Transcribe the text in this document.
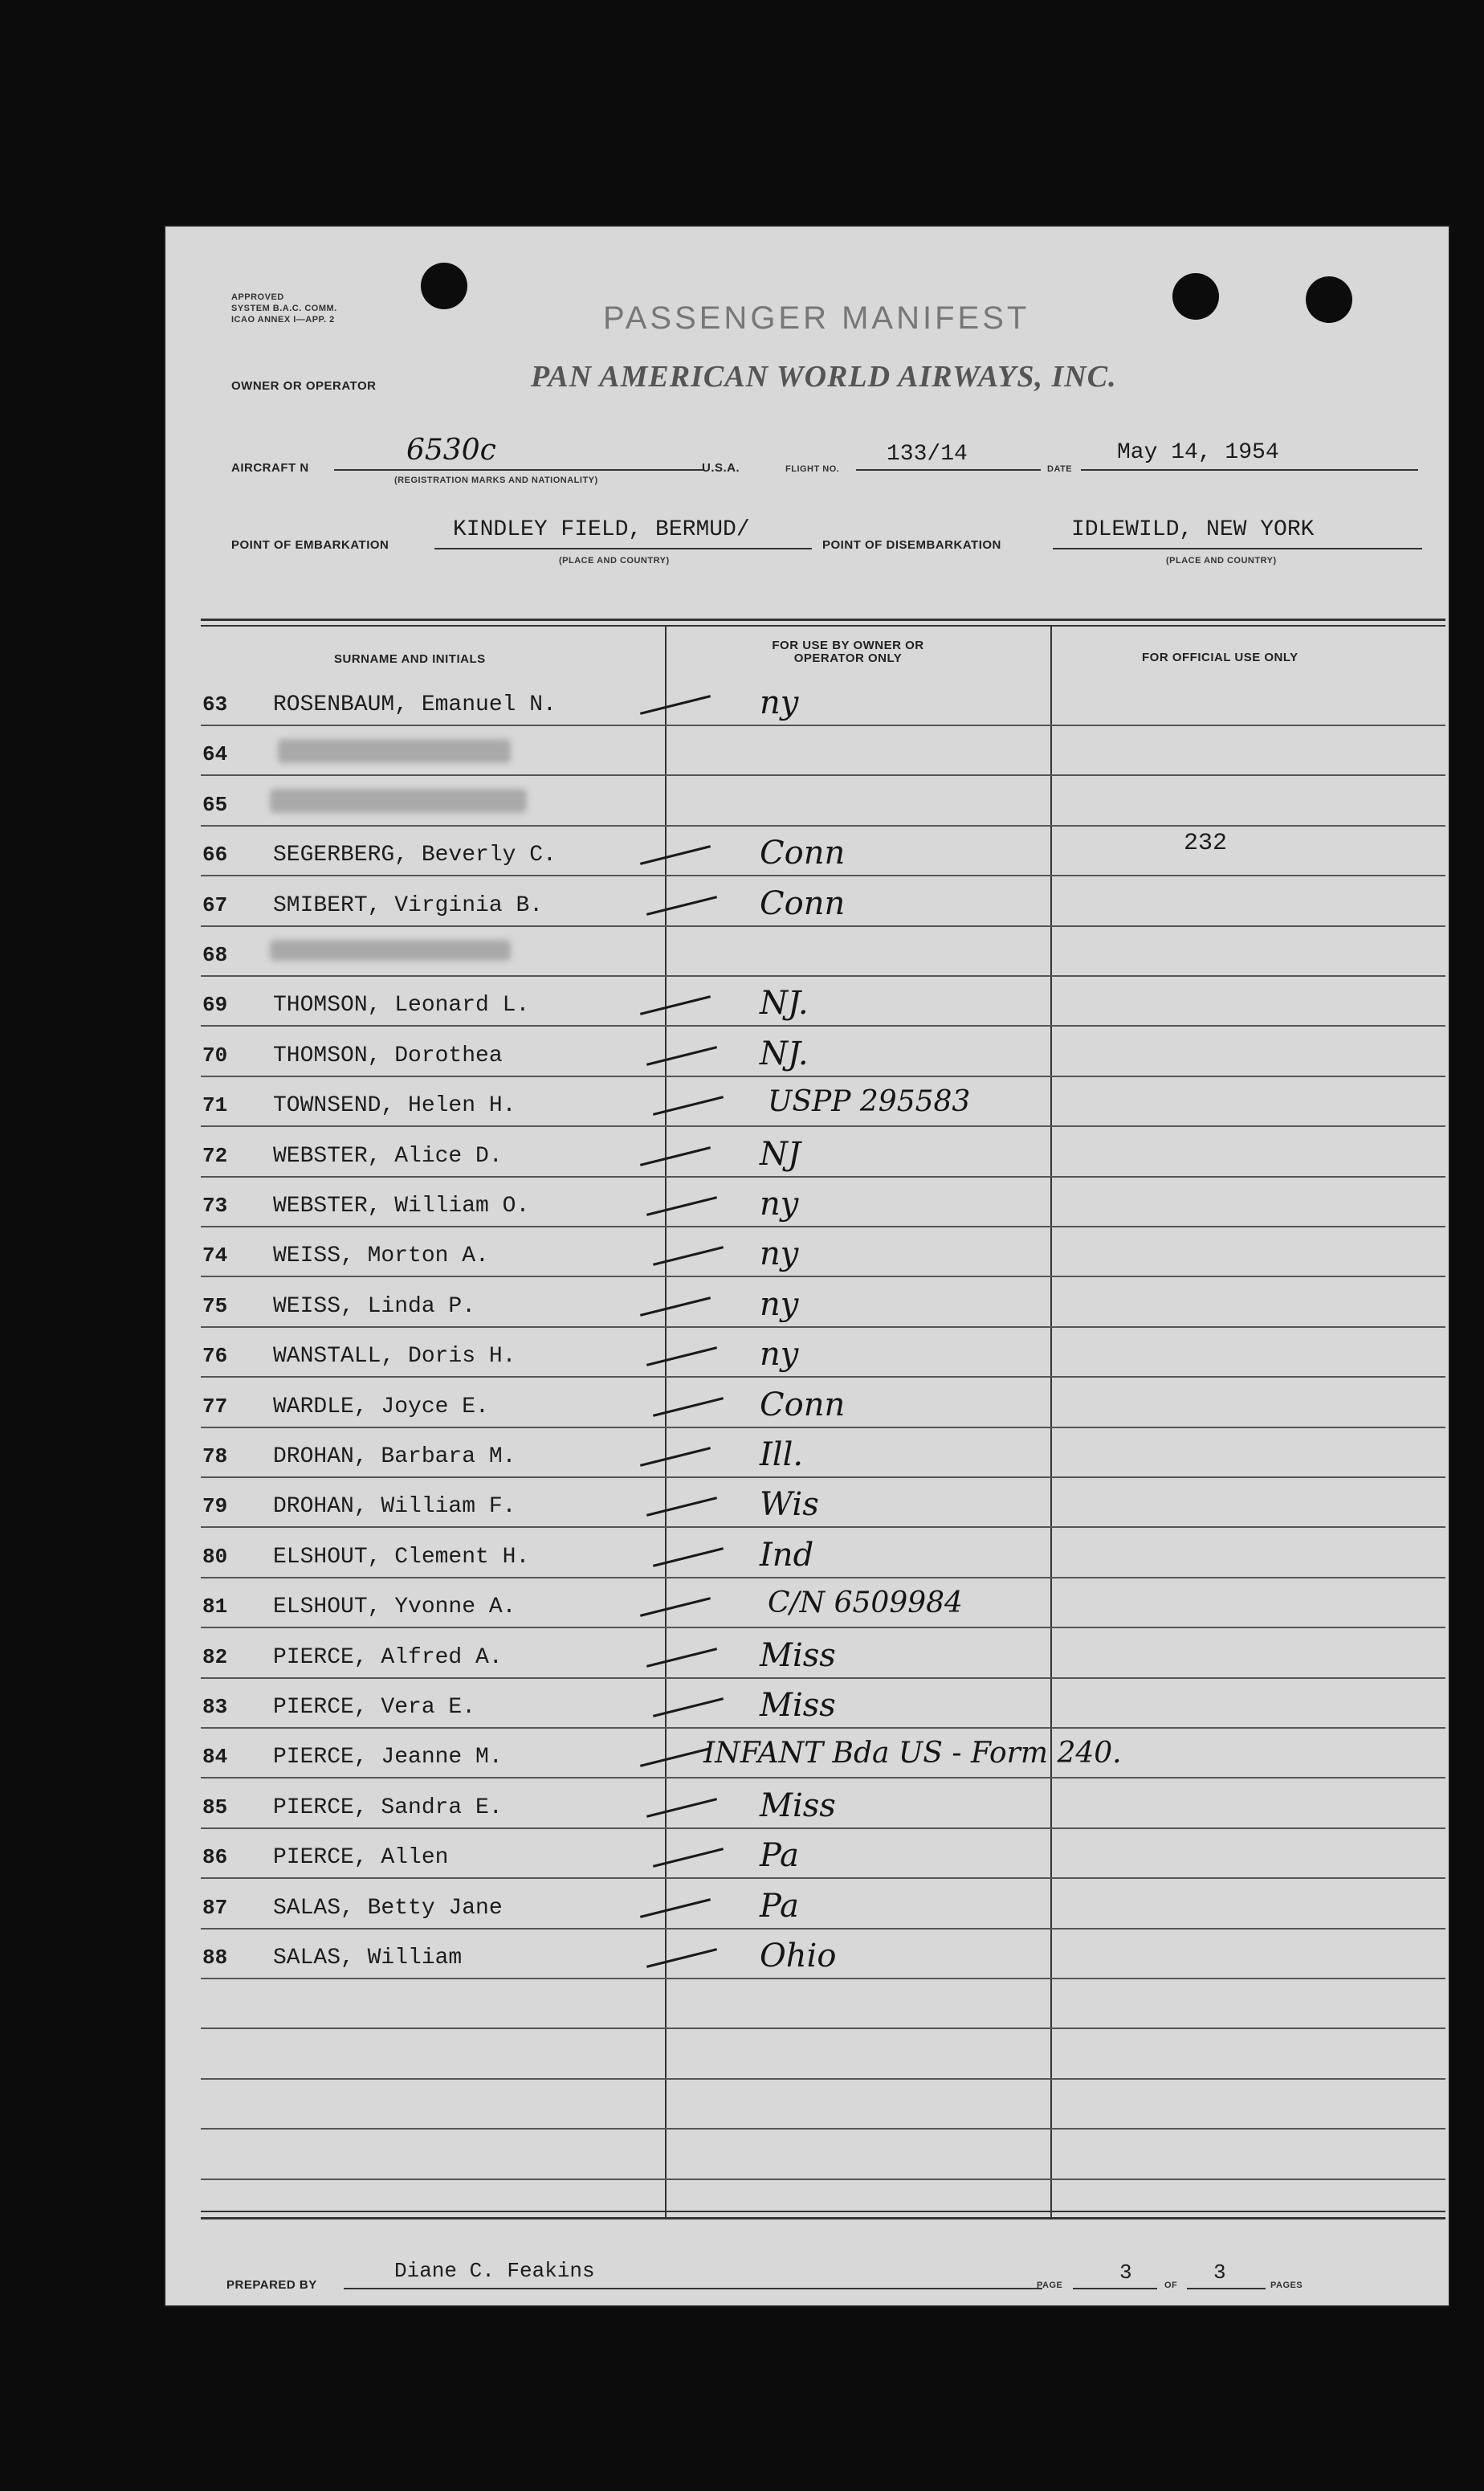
APPROVED
SYSTEM B.A.C. COMM.
ICAO ANNEX I—APP. 2	PASSENGER MANIFEST
OWNER OR OPERATOR	PAN AMERICAN WORLD AIRWAYS, INC.
AIRCRAFT N
6530c
(REGISTRATION MARKS AND NATIONALITY)
U.S.A.	FLIGHT NO.
133/14
DATE
May 14, 1954
POINT OF EMBARKATION
KINDLEY FIELD, BERMUD/
(PLACE AND COUNTRY)
POINT OF DISEMBARKATION
IDLEWILD, NEW YORK
(PLACE AND COUNTRY)
SURNAME AND INITIALS
FOR USE BY OWNER OR OPERATOR ONLY	FOR OFFICIAL USE ONLY
63 ROSENBAUM, Emanuel N.	ny
64
65
66 SEGERBERG, Beverly C.	Conn	232
67 SMIBERT, Virginia B.	Conn
68
69 THOMSON, Leonard L.	NJ.
70 THOMSON, Dorothea	NJ.
71 TOWNSEND, Helen H.	USPP 295583
72 WEBSTER, Alice D.	NJ
73 WEBSTER, William O.	ny
74 WEISS, Morton A.	ny
75 WEISS, Linda P.	ny
76 WANSTALL, Doris H.	ny
77 WARDLE, Joyce E.	Conn
78 DROHAN, Barbara M.	Ill.
79 DROHAN, William F.	Wis
80 ELSHOUT, Clement H.	Ind
81 ELSHOUT, Yvonne A.	C/N 6509984
82 PIERCE, Alfred A.	Miss
83 PIERCE, Vera E.	Miss
84 PIERCE, Jeanne M.	INFANT Bda US - Form 240.
85 PIERCE, Sandra E.	Miss
86 PIERCE, Allen	Pa
87 SALAS, Betty Jane	Pa
88 SALAS, William	Ohio
PREPARED BY
Diane C. Feakins
PAGE
3
OF
3
PAGES
